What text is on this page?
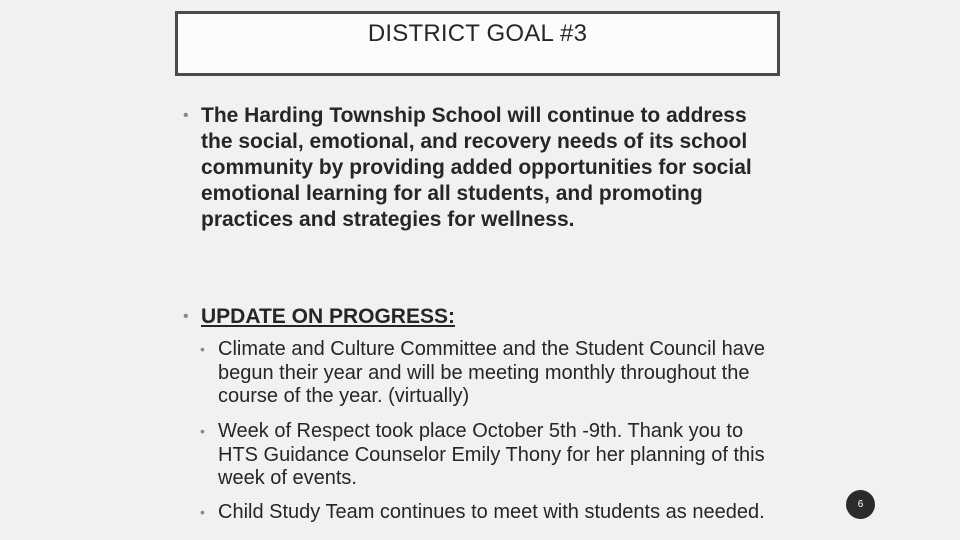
DISTRICT GOAL #3
• The Harding Township School will continue to address the social, emotional, and recovery needs of its school community by providing added opportunities for social emotional learning for all students, and promoting practices and strategies for wellness.
• UPDATE ON PROGRESS:
• Climate and Culture Committee and the Student Council have begun their year and will be meeting monthly throughout the course of the year. (virtually)
• Week of Respect took place October 5th -9th. Thank you to HTS Guidance Counselor Emily Thony for her planning of this week of events.
• Child Study Team continues to meet with students as needed.	6
